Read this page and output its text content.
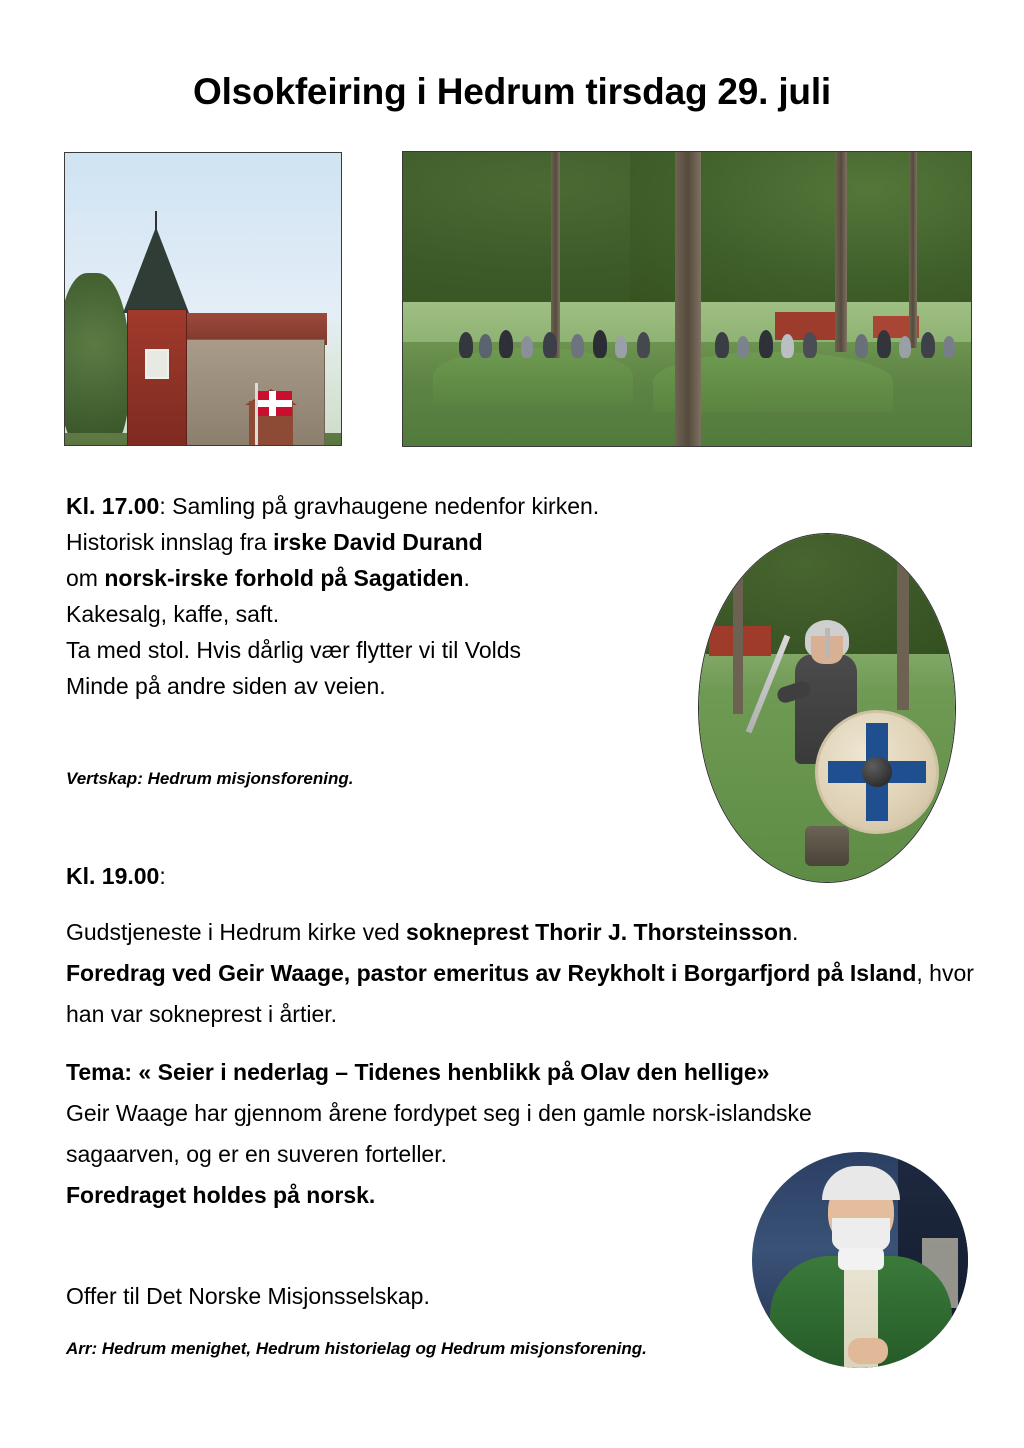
Olsokfeiring i Hedrum tirsdag 29. juli
Kl. 17.00: Samling på gravhaugene nedenfor kirken.
Historisk innslag fra irske David Durand
om norsk-irske forhold på Sagatiden.
Kakesalg, kaffe, saft.
Ta med stol. Hvis dårlig vær flytter vi til Volds
Minde på andre siden av veien.
Vertskap: Hedrum misjonsforening.
Kl. 19.00:
Gudstjeneste i Hedrum kirke ved sokneprest Thorir J. Thorsteinsson.
Foredrag ved Geir Waage, pastor emeritus av Reykholt i Borgarfjord på Island, hvor han var sokneprest i årtier.
Tema: « Seier i nederlag – Tidenes henblikk på Olav den hellige»
Geir Waage har gjennom årene fordypet seg i den gamle norsk-islandske
sagaarven, og er en suveren forteller.
Foredraget holdes på norsk.
Offer til Det Norske Misjonsselskap.
Arr: Hedrum menighet, Hedrum historielag og Hedrum misjonsforening.
